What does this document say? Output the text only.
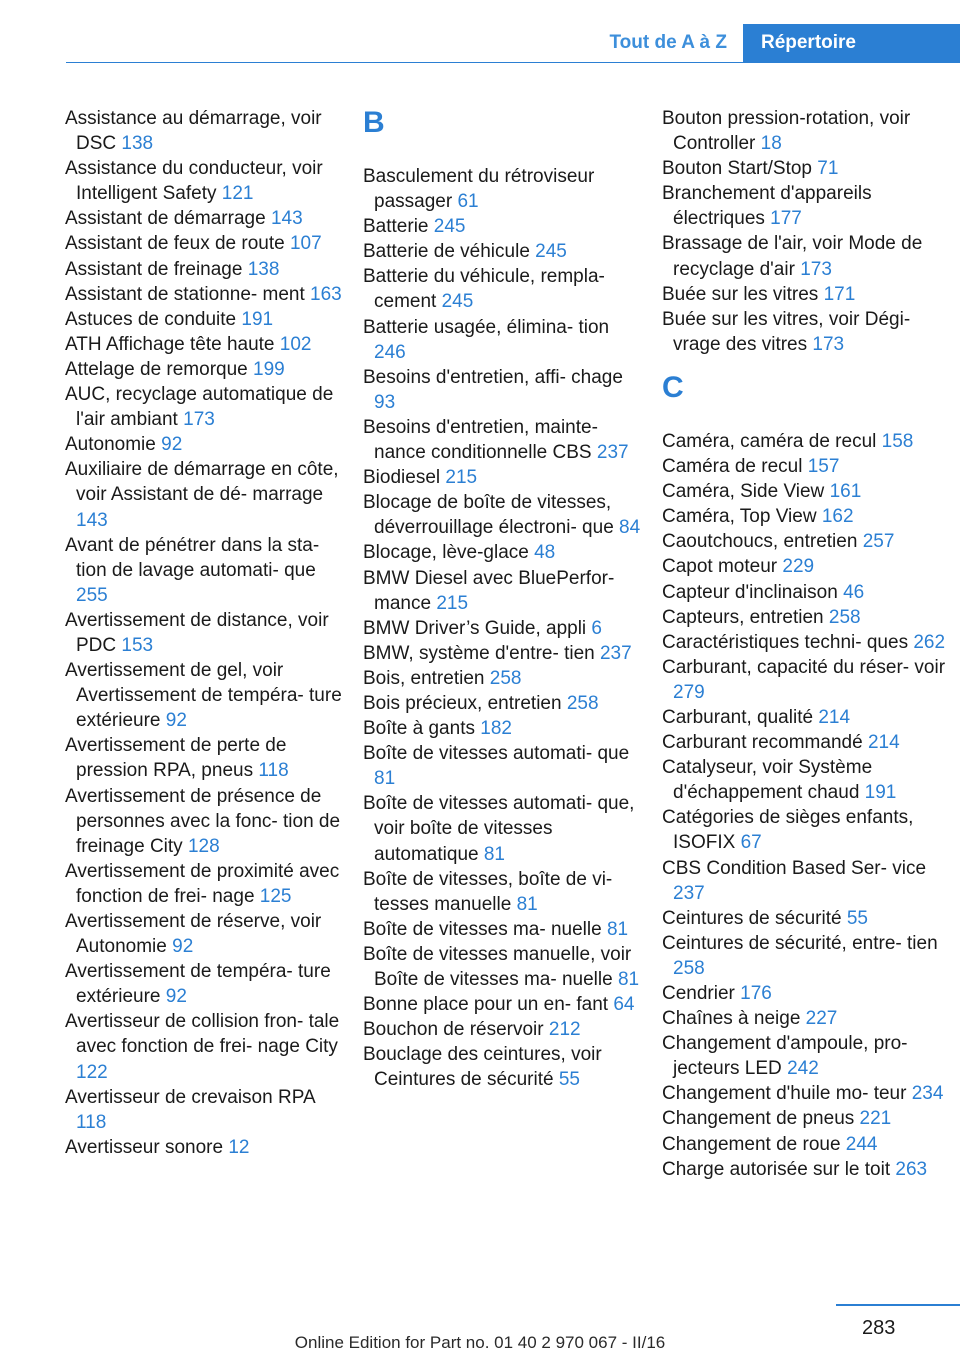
Tout de A à Z	Répertoire
Assistance au démarrage, voir DSC 138
Assistance du conducteur, voir Intelligent Safety 121
Assistant de démarrage 143
Assistant de feux de route 107
Assistant de freinage 138
Assistant de stationne‐ ment 163
Astuces de conduite 191
ATH Affichage tête haute 102
Attelage de remorque 199
AUC, recyclage automatique de l'air ambiant 173
Autonomie 92
Auxiliaire de démarrage en côte, voir Assistant de dé‐ marrage 143
Avant de pénétrer dans la sta‐ tion de lavage automati‐ que 255
Avertissement de distance, voir PDC 153
Avertissement de gel, voir Avertissement de tempéra‐ ture extérieure 92
Avertissement de perte de pression RPA, pneus 118
Avertissement de présence de personnes avec la fonc‐ tion de freinage City 128
Avertissement de proximité avec fonction de frei‐ nage 125
Avertissement de réserve, voir Autonomie 92
Avertissement de tempéra‐ ture extérieure 92
Avertisseur de collision fron‐ tale avec fonction de frei‐ nage City 122
Avertisseur de crevaison RPA 118
Avertisseur sonore 12
B
Basculement du rétroviseur passager 61
Batterie 245
Batterie de véhicule 245
Batterie du véhicule, rempla‐ cement 245
Batterie usagée, élimina‐ tion 246
Besoins d'entretien, affi‐ chage 93
Besoins d'entretien, mainte‐ nance conditionnelle CBS 237
Biodiesel 215
Blocage de boîte de vitesses, déverrouillage électroni‐ que 84
Blocage, lève-glace 48
BMW Diesel avec BluePerfor‐ mance 215
BMW Driver’s Guide, appli 6
BMW, système d'entre‐ tien 237
Bois, entretien 258
Bois précieux, entretien 258
Boîte à gants 182
Boîte de vitesses automati‐ que 81
Boîte de vitesses automati‐ que, voir boîte de vitesses automatique 81
Boîte de vitesses, boîte de vi‐ tesses manuelle 81
Boîte de vitesses ma‐ nuelle 81
Boîte de vitesses manuelle, voir Boîte de vitesses ma‐ nuelle 81
Bonne place pour un en‐ fant 64
Bouchon de réservoir 212
Bouclage des ceintures, voir Ceintures de sécurité 55
Bouton pression-rotation, voir Controller 18
Bouton Start/Stop 71
Branchement d'appareils électriques 177
Brassage de l'air, voir Mode de recyclage d'air 173
Buée sur les vitres 171
Buée sur les vitres, voir Dégi‐ vrage des vitres 173
C
Caméra, caméra de recul 158
Caméra de recul 157
Caméra, Side View 161
Caméra, Top View 162
Caoutchoucs, entretien 257
Capot moteur 229
Capteur d'inclinaison 46
Capteurs, entretien 258
Caractéristiques techni‐ ques 262
Carburant, capacité du réser‐ voir 279
Carburant, qualité 214
Carburant recommandé 214
Catalyseur, voir Système d'échappement chaud 191
Catégories de sièges enfants, ISOFIX 67
CBS Condition Based Ser‐ vice 237
Ceintures de sécurité 55
Ceintures de sécurité, entre‐ tien 258
Cendrier 176
Chaînes à neige 227
Changement d'ampoule, pro‐ jecteurs LED 242
Changement d'huile mo‐ teur 234
Changement de pneus 221
Changement de roue 244
Charge autorisée sur le toit 263
283
Online Edition for Part no. 01 40 2 970 067 - II/16
